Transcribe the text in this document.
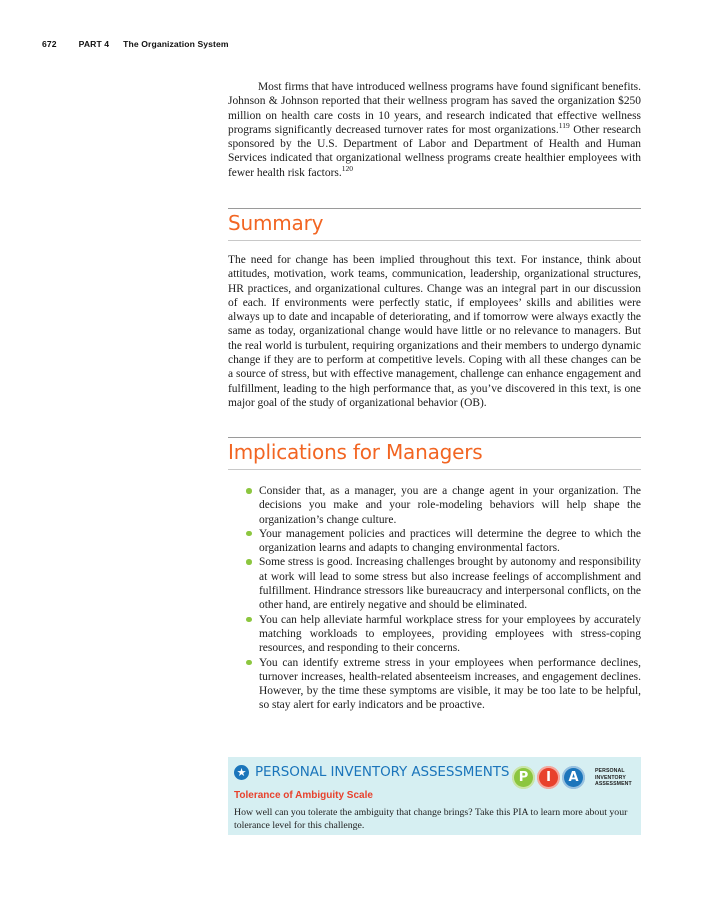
672	PART 4 The Organization System

Most firms that have introduced wellness programs have found significant benefits. Johnson & Johnson reported that their wellness program has saved the organization $250 million on health care costs in 10 years, and research indicated that effective wellness programs significantly decreased turnover rates for most organizations.$^{119}$ Other research sponsored by the U.S. Department of Labor and Department of Health and Human Services indicated that organizational wellness programs create healthier employees with fewer health risk factors.$^{120}$

Summary

The need for change has been implied throughout this text. For instance, think about attitudes, motivation, work teams, communication, leadership, organizational structures, HR practices, and organizational cultures. Change was an integral part in our discussion of each. If environments were perfectly static, if employees’ skills and abilities were always up to date and incapable of deteriorating, and if tomorrow were always exactly the same as today, organizational change would have little or no relevance to managers. But the real world is turbulent, requiring organizations and their members to undergo dynamic change if they are to perform at competitive levels. Coping with all these changes can be a source of stress, but with effective management, challenge can enhance engagement and fulfillment, leading to the high performance that, as you’ve discovered in this text, is one major goal of the study of organizational behavior (OB).

Implications for Managers
Consider that, as a manager, you are a change agent in your organization. The decisions you make and your role-modeling behaviors will help shape the organization’s change culture.
Your management policies and practices will determine the degree to which the organization learns and adapts to changing environmental factors.
Some stress is good. Increasing challenges brought by autonomy and responsibility at work will lead to some stress but also increase feelings of accomplishment and fulfillment. Hindrance stressors like bureaucracy and interpersonal conflicts, on the other hand, are entirely negative and should be eliminated.
You can help alleviate harmful workplace stress for your employees by accurately matching workloads to employees, providing employees with stress-coping resources, and responding to their concerns.
You can identify extreme stress in your employees when performance declines, turnover increases, health-related absenteeism increases, and engagement declines. However, by the time these symptoms are visible, it may be too late to be helpful, so stay alert for early indicators and be proactive.
★ PERSONAL INVENTORY ASSESSMENTS P	I	A	PERSONAL
INVENTORY
ASSESSMENT
Tolerance of Ambiguity Scale
How well can you tolerate the ambiguity that change brings? Take this PIA to learn more about your tolerance level for this challenge.
